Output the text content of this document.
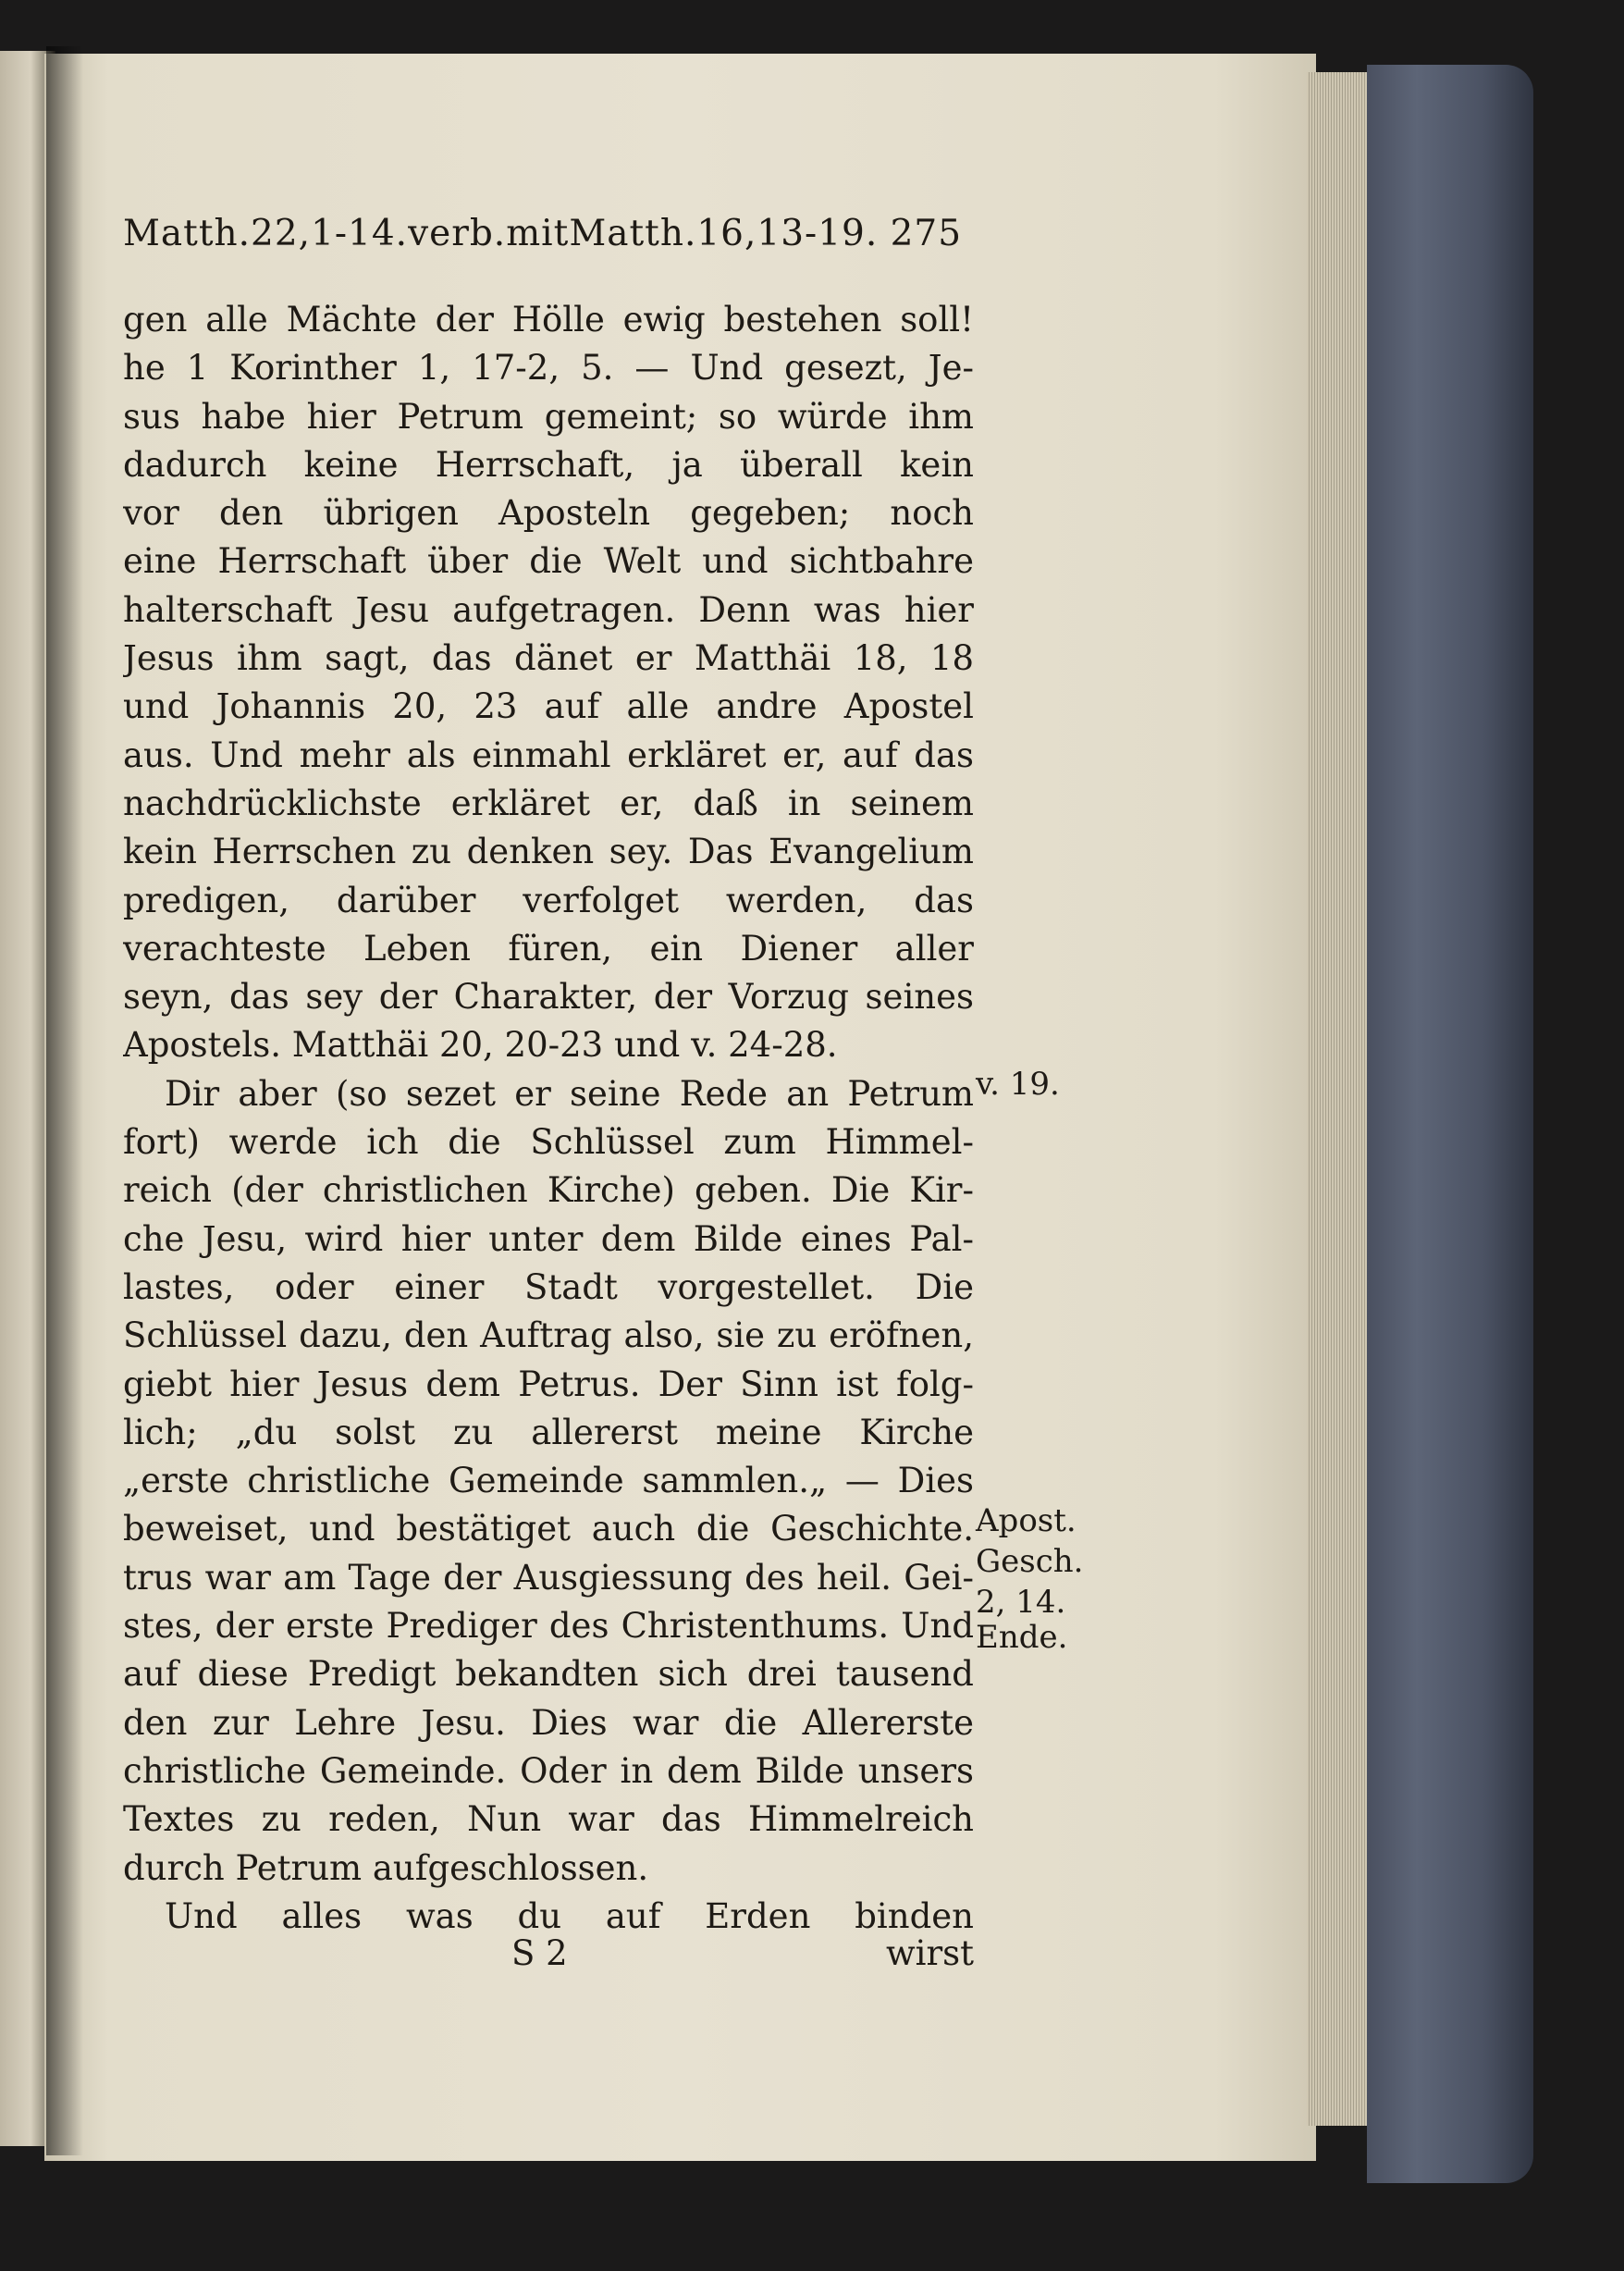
Matth.22,1-14.verb.mitMatth.16,13-19. 275
gen alle Mächte der Hölle ewig bestehen soll!
he 1 Korinther 1, 17-2, 5. — Und gesezt, Je-
sus habe hier Petrum gemeint; so würde ihm
dadurch keine Herrschaft, ja überall kein
vor den übrigen Aposteln gegeben; noch
eine Herrschaft über die Welt und sichtbahre
halterschaft Jesu aufgetragen. Denn was hier
Jesus ihm sagt, das dänet er Matthäi 18, 18
und Johannis 20, 23 auf alle andre Apostel
aus. Und mehr als einmahl erkläret er, auf das
nachdrücklichste erkläret er, daß in seinem
kein Herrschen zu denken sey. Das Evangelium
predigen, darüber verfolget werden, das
verachteste Leben füren, ein Diener aller
seyn, das sey der Charakter, der Vorzug seines
Apostels. Matthäi 20, 20-23 und v. 24-28.
Dir aber (so sezet er seine Rede an Petrum
fort) werde ich die Schlüssel zum Himmel-
reich (der christlichen Kirche) geben. Die Kir-
che Jesu, wird hier unter dem Bilde eines Pal-
lastes, oder einer Stadt vorgestellet. Die
Schlüssel dazu, den Auftrag also, sie zu eröfnen,
giebt hier Jesus dem Petrus. Der Sinn ist folg-
lich; „du solst zu allererst meine Kirche
„erste christliche Gemeinde sammlen.„ — Dies
beweiset, und bestätiget auch die Geschichte.
trus war am Tage der Ausgiessung des heil. Gei-
stes, der erste Prediger des Christenthums. Und
auf diese Predigt bekandten sich drei tausend
den zur Lehre Jesu. Dies war die Allererste
christliche Gemeinde. Oder in dem Bilde unsers
Textes zu reden, Nun war das Himmelreich
durch Petrum aufgeschlossen.
Und alles was du auf Erden binden
v. 19.
Apost.
Gesch.
2, 14.
Ende.
S 2	wirst
